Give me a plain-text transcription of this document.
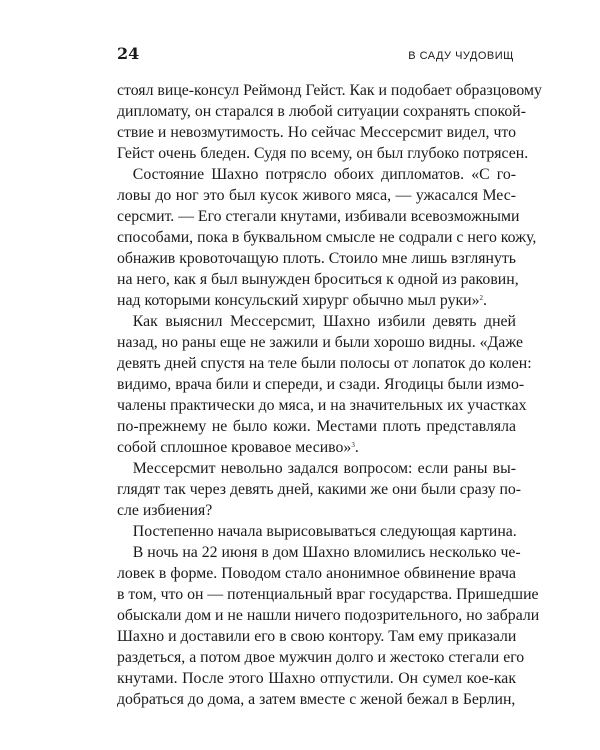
24	В САДУ ЧУДОВИЩ
стоял вице-консул Реймонд Гейст. Как и подобает образцовому
дипломату, он старался в любой ситуации сохранять спокой-
ствие и невозмутимость. Но сейчас Мессерсмит видел, что
Гейст очень бледен. Судя по всему, он был глубоко потрясен.
 Состояние Шахно потрясло обоих дипломатов. «С го-
ловы до ног это был кусок живого мяса, — ужасался Мес-
серсмит. — Его стегали кнутами, избивали всевозможными
способами, пока в буквальном смысле не содрали с него кожу,
обнажив кровоточащую плоть. Стоило мне лишь взглянуть
на него, как я был вынужден броситься к одной из раковин,
над которыми консульский хирург обычно мыл руки»$^2$.
 Как выяснил Мессерсмит, Шахно избили девять дней
назад, но раны еще не зажили и были хорошо видны. «Даже
девять дней спустя на теле были полосы от лопаток до колен:
видимо, врача били и спереди, и сзади. Ягодицы были измо-
чалены практически до мяса, и на значительных их участках
по-прежнему не было кожи. Местами плоть представляла
собой сплошное кровавое месиво»$^3$.
 Мессерсмит невольно задался вопросом: если раны вы-
глядят так через девять дней, какими же они были сразу по-
сле избиения?
 Постепенно начала вырисовываться следующая картина.
 В ночь на 22 июня в дом Шахно вломились несколько че-
ловек в форме. Поводом стало анонимное обвинение врача
в том, что он — потенциальный враг государства. Пришедшие
обыскали дом и не нашли ничего подозрительного, но забрали
Шахно и доставили его в свою контору. Там ему приказали
раздеться, а потом двое мужчин долго и жестоко стегали его
кнутами. После этого Шахно отпустили. Он сумел кое-как
добраться до дома, а затем вместе с женой бежал в Берлин,
